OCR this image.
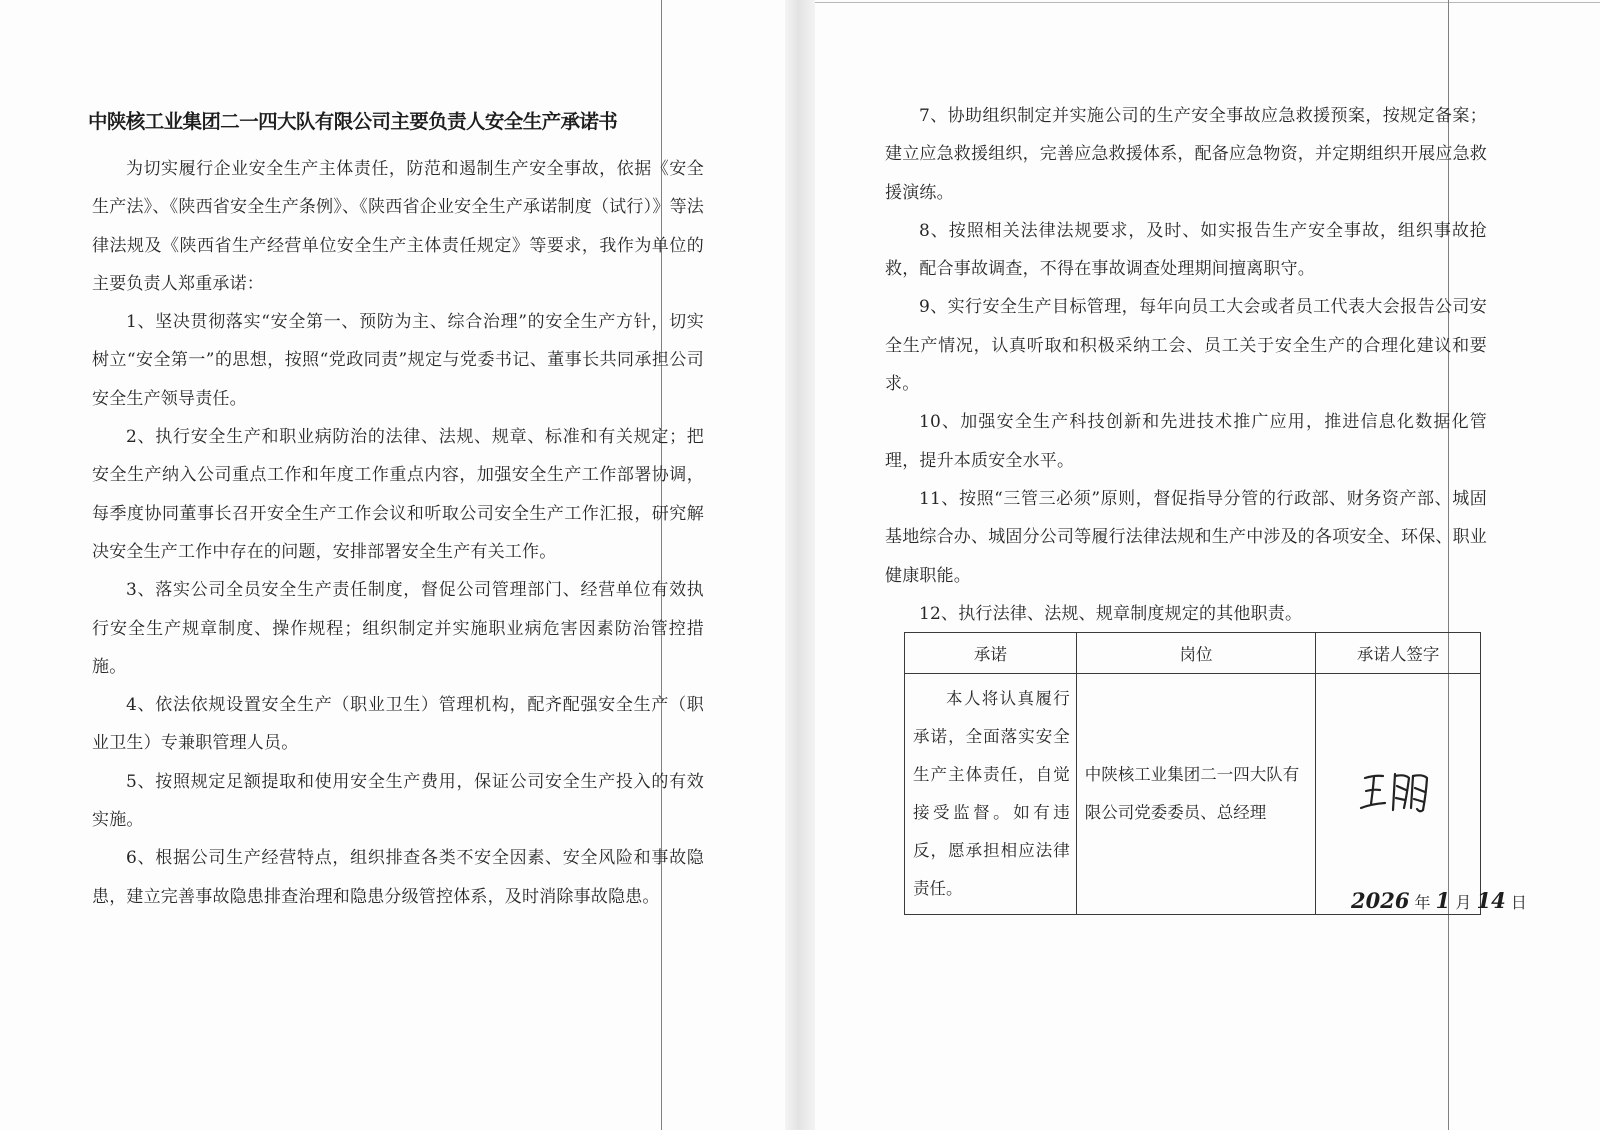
中陕核工业集团二一四大队有限公司主要负责人安全生产承诺书

为切实履行企业安全生产主体责任，防范和遏制生产安全事故，依据《安全生产法》、《陕西省安全生产条例》、《陕西省企业安全生产承诺制度（试行）》等法律法规及《陕西省生产经营单位安全生产主体责任规定》等要求，我作为单位的主要负责人郑重承诺：

1、坚决贯彻落实“安全第一、预防为主、综合治理”的安全生产方针，切实树立“安全第一”的思想，按照“党政同责”规定与党委书记、董事长共同承担公司安全生产领导责任。

2、执行安全生产和职业病防治的法律、法规、规章、标准和有关规定；把安全生产纳入公司重点工作和年度工作重点内容，加强安全生产工作部署协调，每季度协同董事长召开安全生产工作会议和听取公司安全生产工作汇报，研究解决安全生产工作中存在的问题，安排部署安全生产有关工作。

3、落实公司全员安全生产责任制度，督促公司管理部门、经营单位有效执行安全生产规章制度、操作规程；组织制定并实施职业病危害因素防治管控措施。

4、依法依规设置安全生产（职业卫生）管理机构，配齐配强安全生产（职业卫生）专兼职管理人员。

5、按照规定足额提取和使用安全生产费用，保证公司安全生产投入的有效实施。

6、根据公司生产经营特点，组织排查各类不安全因素、安全风险和事故隐患，建立完善事故隐患排查治理和隐患分级管控体系，及时消除事故隐患。

7、协助组织制定并实施公司的生产安全事故应急救援预案，按规定备案；建立应急救援组织，完善应急救援体系，配备应急物资，并定期组织开展应急救援演练。

8、按照相关法律法规要求，及时、如实报告生产安全事故，组织事故抢救，配合事故调查，不得在事故调查处理期间擅离职守。

9、实行安全生产目标管理，每年向员工大会或者员工代表大会报告公司安全生产情况，认真听取和积极采纳工会、员工关于安全生产的合理化建议和要求。

10、加强安全生产科技创新和先进技术推广应用，推进信息化数据化管理，提升本质安全水平。

11、按照“三管三必须”原则，督促指导分管的行政部、财务资产部、城固基地综合办、城固分公司等履行法律法规和生产中涉及的各项安全、环保、职业健康职能。

12、执行法律、法规、规章制度规定的其他职责。

承诺	岗位	承诺人签字
本人将认真履行承诺，全面落实安全生产主体责任，自觉接受监督。如有违反，愿承担相应法律责任。	中陕核工业集团二一四大队有限公司党委委员、总经理	
2026 年 1 月 14 日
